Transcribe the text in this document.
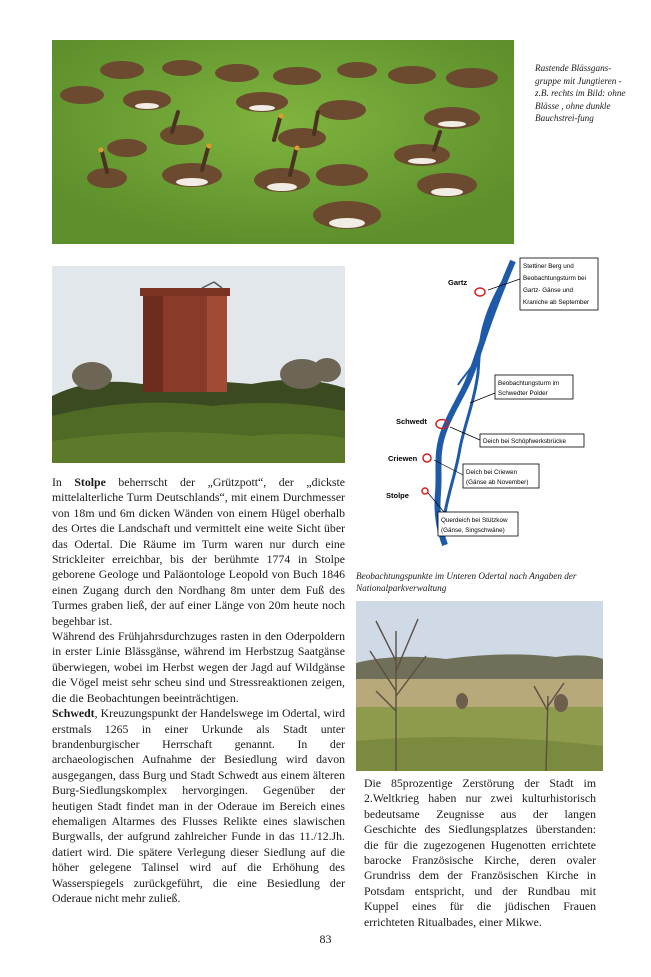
Rastende Blässgans-gruppe mit Jungtieren - z.B. rechts im Bild: ohne Blässe , ohne dunkle Bauchstrei-fung
Gartz
Schwedt
Criewen
Stolpe
Stettiner Berg und
Beobachtungsturm bei
Gartz- Gänse und
Kraniche ab September
Beobachtungsturm im
Schwedter Polder
Deich bei Schöpfwerksbrücke
Deich bei Criewen
(Gänse ab November)
Querdeich bei Stützkow
(Gänse, Singschwäne)
Beobachtungspunkte im Unteren Odertal nach Angaben der Nationalparkverwaltung

In Stolpe beherrscht der „Grützpott“, der „dickste mittelalterliche Turm Deutschlands“, mit einem Durchmesser von 18m und 6m dicken Wänden von einem Hügel oberhalb des Ortes die Landschaft und vermittelt eine weite Sicht über das Odertal. Die Räume im Turm waren nur durch eine Strickleiter erreichbar, bis der berühmte 1774 in Stolpe geborene Geologe und Paläontologe Leopold von Buch 1846 einen Zugang durch den Nordhang 8m unter dem Fuß des Turmes graben ließ, der auf einer Länge von 20m heute noch begehbar ist.

Während des Frühjahrsdurchzuges rasten in den Oderpoldern in erster Linie Blässgänse, während im Herbstzug Saatgänse überwiegen, wobei im Herbst wegen der Jagd auf Wildgänse die Vögel meist sehr scheu sind und Stressreaktionen zeigen, die die Beobachtungen beeinträchtigen.

Schwedt, Kreuzungspunkt der Handelswege im Odertal, wird erstmals 1265 in einer Urkunde als Stadt unter brandenburgischer Herrschaft genannt. In der archaeologischen Aufnahme der Besiedlung wird davon ausgegangen, dass Burg und Stadt Schwedt aus einem älteren Burg-Siedlungskomplex hervorgingen. Gegenüber der heutigen Stadt findet man in der Oderaue im Bereich eines ehemaligen Altarmes des Flusses Relikte eines slawischen Burgwalls, der aufgrund zahlreicher Funde in das 11./12.Jh. datiert wird. Die spätere Verlegung dieser Siedlung auf die höher gelegene Talinsel wird auf die Erhöhung des Wasserspiegels zurückgeführt, die eine Besiedlung der Oderaue nicht mehr zuließ.

Die 85prozentige Zerstörung der Stadt im 2.Weltkrieg haben nur zwei kulturhistorisch bedeutsame Zeugnisse aus der langen Geschichte des Siedlungsplatzes überstanden: die für die zugezogenen Hugenotten errichtete barocke Französische Kirche, deren ovaler Grundriss dem der Französischen Kirche in Potsdam entspricht, und der Rundbau mit Kuppel eines für die jüdischen Frauen errichteten Ritualbades, einer Mikwe.

83
